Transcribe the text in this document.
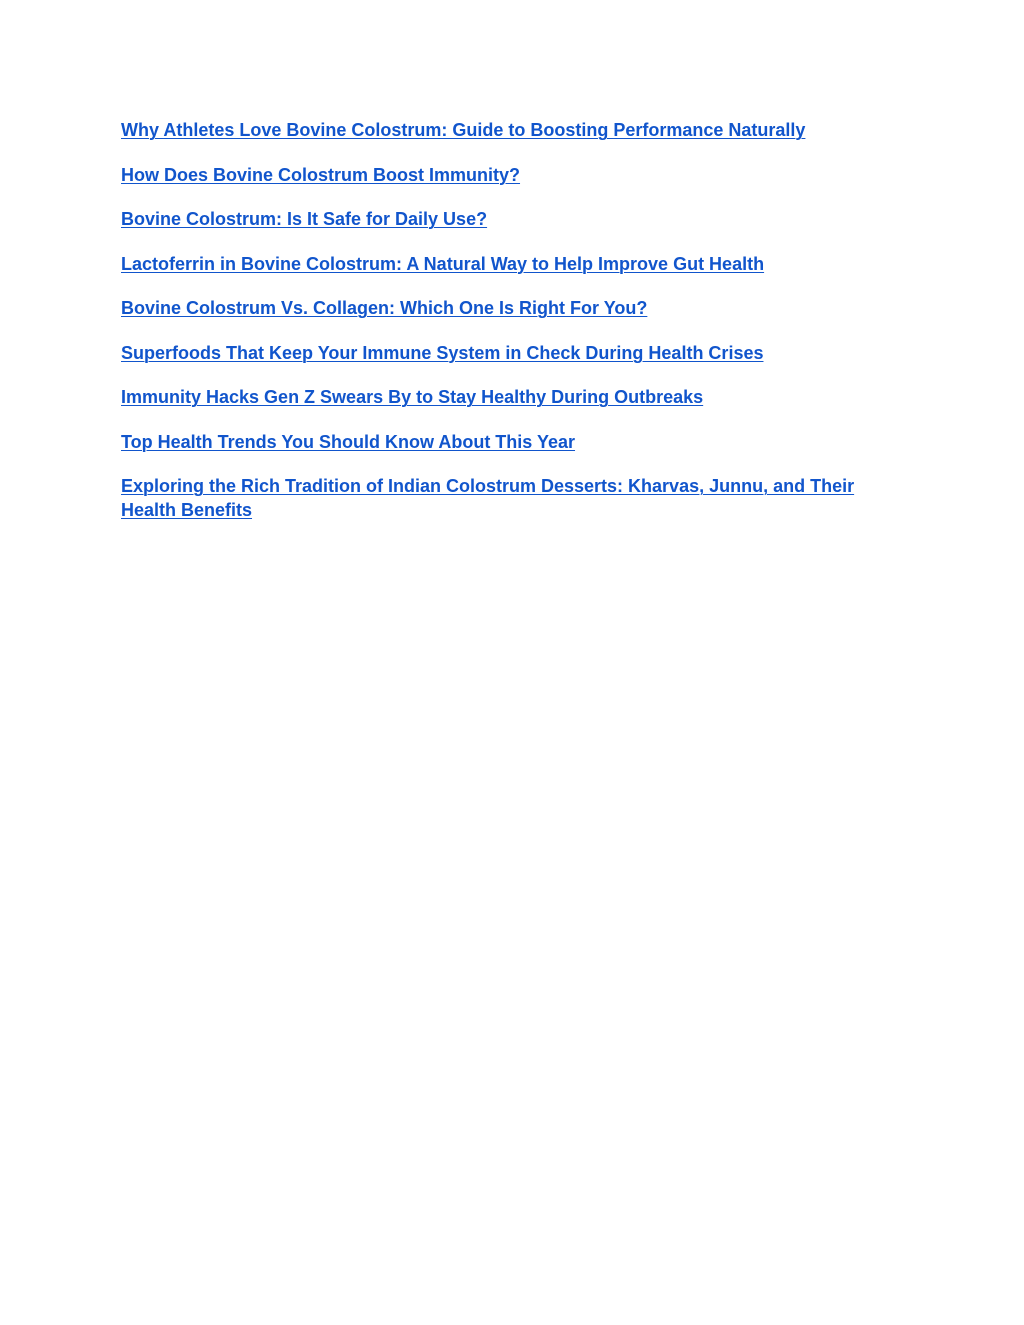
Why Athletes Love Bovine Colostrum: Guide to Boosting Performance Naturally
How Does Bovine Colostrum Boost Immunity?
Bovine Colostrum: Is It Safe for Daily Use?
Lactoferrin in Bovine Colostrum: A Natural Way to Help Improve Gut Health
Bovine Colostrum Vs. Collagen: Which One Is Right For You?
Superfoods That Keep Your Immune System in Check During Health Crises
Immunity Hacks Gen Z Swears By to Stay Healthy During Outbreaks
Top Health Trends You Should Know About This Year
Exploring the Rich Tradition of Indian Colostrum Desserts: Kharvas, Junnu, and Their Health Benefits
